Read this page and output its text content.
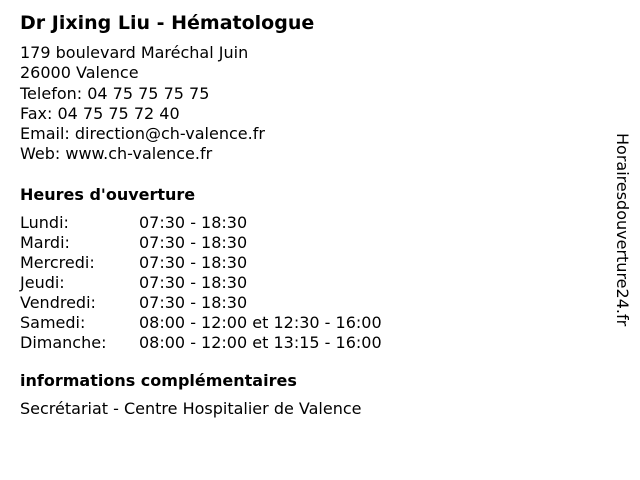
Dr Jixing Liu - Hématologue
179 boulevard Maréchal Juin
26000 Valence
Telefon: 04 75 75 75 75
Fax: 04 75 75 72 40
Email: direction@ch-valence.fr
Web: www.ch-valence.fr
Heures d'ouverture
Lundi:	07:30 - 18:30
Mardi:	07:30 - 18:30
Mercredi:	07:30 - 18:30
Jeudi:	07:30 - 18:30
Vendredi:	07:30 - 18:30
Samedi:	08:00 - 12:00 et 12:30 - 16:00
Dimanche:	08:00 - 12:00 et 13:15 - 16:00
informations complémentaires
Secrétariat - Centre Hospitalier de Valence
Horairesdouverture24.fr
